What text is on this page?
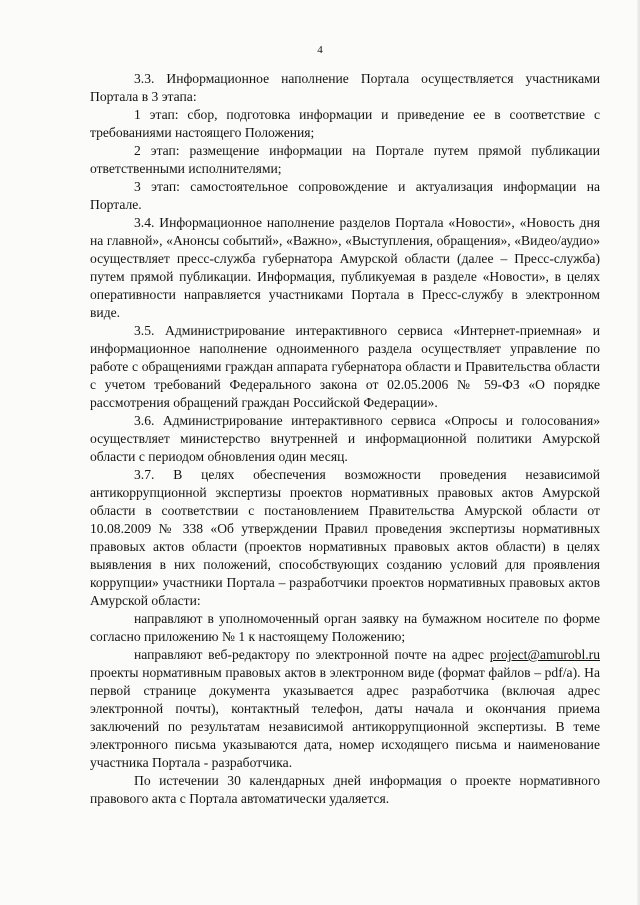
4

3.3. Информационное наполнение Портала осуществляется участниками Портала в 3 этапа:

1 этап: сбор, подготовка информации и приведение ее в соответствие с требованиями настоящего Положения;

2 этап: размещение информации на Портале путем прямой публикации ответственными исполнителями;

3 этап: самостоятельное сопровождение и актуализация информации на Портале.

3.4. Информационное наполнение разделов Портала «Новости», «Новость дня на главной», «Анонсы событий», «Важно», «Выступления, обращения», «Видео/аудио» осуществляет пресс-служба губернатора Амурской области (далее – Пресс-служба) путем прямой публикации. Информация, публикуемая в разделе «Новости», в целях оперативности направляется участниками Портала в Пресс-службу в электронном виде.

3.5. Администрирование интерактивного сервиса «Интернет-приемная» и информационное наполнение одноименного раздела осуществляет управление по работе с обращениями граждан аппарата губернатора области и Правительства области с учетом требований Федерального закона от 02.05.2006 № 59-ФЗ «О порядке рассмотрения обращений граждан Российской Федерации».

3.6. Администрирование интерактивного сервиса «Опросы и голосования» осуществляет министерство внутренней и информационной политики Амурской области с периодом обновления один месяц.

3.7. В целях обеспечения возможности проведения независимой антикоррупционной экспертизы проектов нормативных правовых актов Амурской области в соответствии с постановлением Правительства Амурской области от 10.08.2009 № 338 «Об утверждении Правил проведения экспертизы нормативных правовых актов области (проектов нормативных правовых актов области) в целях выявления в них положений, способствующих созданию условий для проявления коррупции» участники Портала – разработчики проектов нормативных правовых актов Амурской области:

направляют в уполномоченный орган заявку на бумажном носителе по форме согласно приложению № 1 к настоящему Положению;

направляют веб-редактору по электронной почте на адрес project@amurobl.ru проекты нормативным правовых актов в электронном виде (формат файлов – pdf/a). На первой странице документа указывается адрес разработчика (включая адрес электронной почты), контактный телефон, даты начала и окончания приема заключений по результатам независимой антикоррупционной экспертизы. В теме электронного письма указываются дата, номер исходящего письма и наименование участника Портала - разработчика.

По истечении 30 календарных дней информация о проекте нормативного правового акта с Портала автоматически удаляется.
